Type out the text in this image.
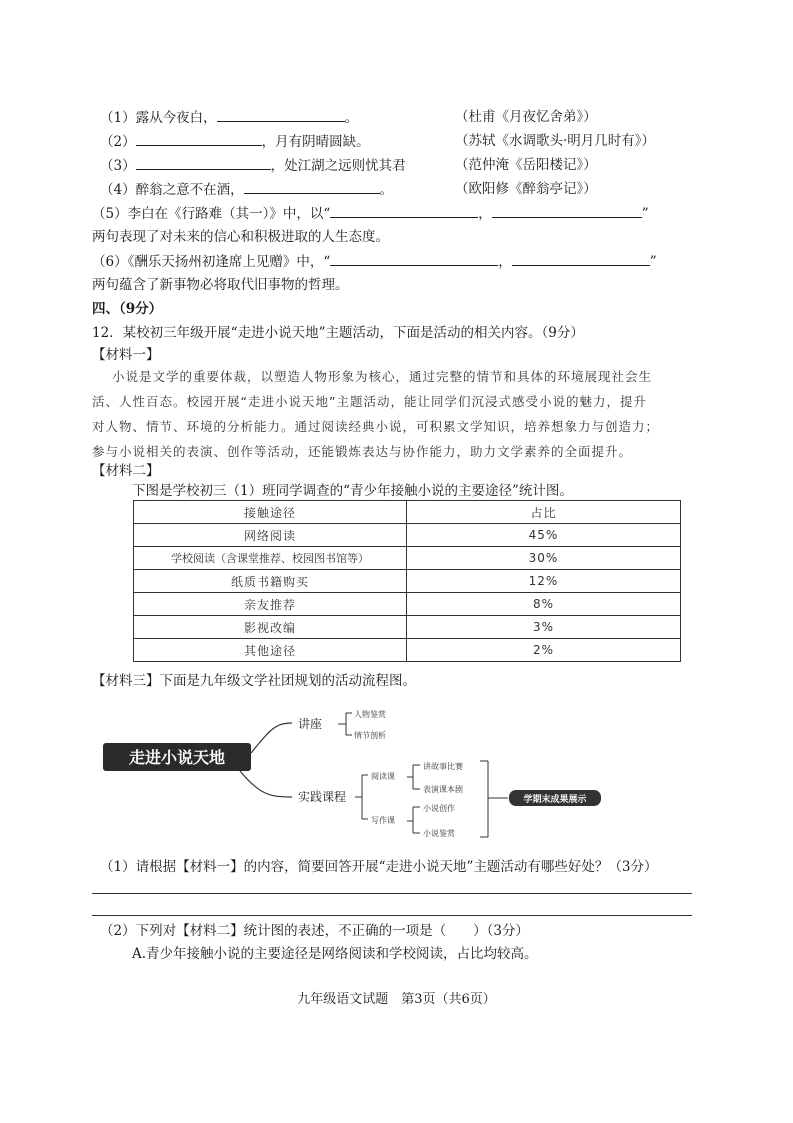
（1）露从今夜白，	。	（杜甫《月夜忆舍弟》）
（2）	，月有阴晴圆缺。	（苏轼《水调歌头·明月几时有》）
（3）	，处江湖之远则忧其君	（范仲淹《岳阳楼记》）
（4）醉翁之意不在酒，	。	（欧阳修《醉翁亭记》）
（5）李白在《行路难（其一）》中，以“	，	”
两句表现了对未来的信心和积极进取的人生态度。
（6）《酬乐天扬州初逢席上见赠》中，“	，	”
两句蕴含了新事物必将取代旧事物的哲理。
四、（9分）
12．某校初三年级开展“走进小说天地”主题活动，下面是活动的相关内容。（9分）
【材料一】
小说是文学的重要体裁，以塑造人物形象为核心，通过完整的情节和具体的环境展现社会生
活、人性百态。校园开展“走进小说天地”主题活动，能让同学们沉浸式感受小说的魅力，提升
对人物、情节、环境的分析能力。通过阅读经典小说，可积累文学知识，培养想象力与创造力；
参与小说相关的表演、创作等活动，还能锻炼表达与协作能力，助力文学素养的全面提升。
【材料二】
下图是学校初三（1）班同学调查的“青少年接触小说的主要途径”统计图。
接触途径	占比
网络阅读	45%
学校阅读（含课堂推荐、校园图书馆等）	30%
纸质书籍购买	12%
亲友推荐	8%
影视改编	3%
其他途径	2%
【材料三】下面是九年级文学社团规划的活动流程图。
走进小说天地
讲座
人物鉴赏
情节剖析
实践课程
阅读课
写作课
讲故事比赛
表演课本剧
小说创作
小说鉴赏
学期末成果展示
（1）请根据【材料一】的内容，简要回答开展“走进小说天地”主题活动有哪些好处？（3分）
（2）下列对【材料二】统计图的表述，不正确的一项是（　　）（3分）
A.青少年接触小说的主要途径是网络阅读和学校阅读，占比均较高。
九年级语文试题　第3页（共6页）
